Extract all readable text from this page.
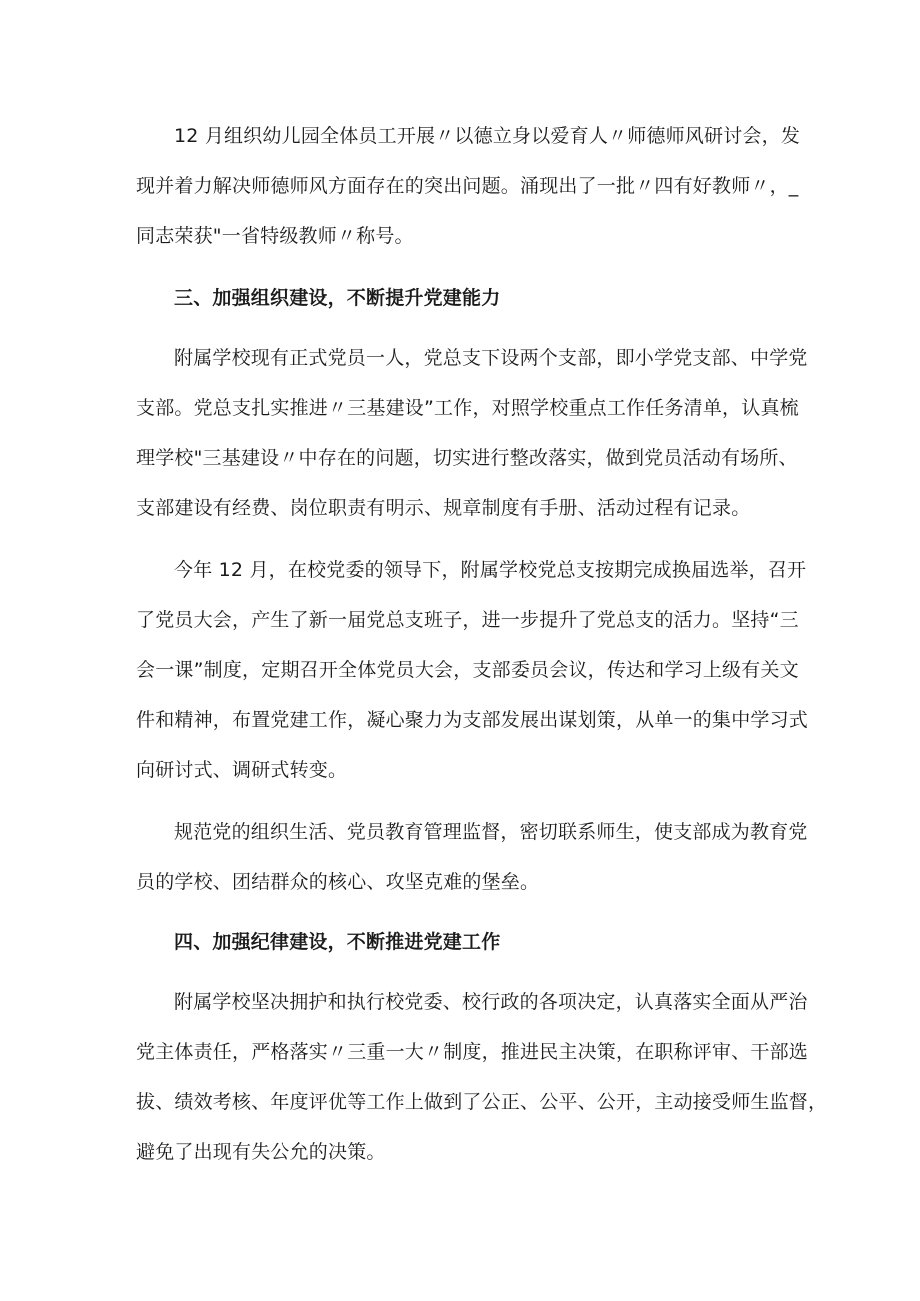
12 月组织幼儿园全体员工开展〃以德立身以爱育人〃师德师风研讨会，发
现并着力解决师德师风方面存在的突出问题。涌现出了一批〃四有好教师〃，_
同志荣获"一省特级教师〃称号。
三、加强组织建设，不断提升党建能力
附属学校现有正式党员一人，党总支下设两个支部，即小学党支部、中学党
支部。党总支扎实推进〃三基建设”工作，对照学校重点工作任务清单，认真梳
理学校"三基建设〃中存在的问题，切实进行整改落实，做到党员活动有场所、
支部建设有经费、岗位职责有明示、规章制度有手册、活动过程有记录。
今年 12 月，在校党委的领导下，附属学校党总支按期完成换届选举，召开
了党员大会，产生了新一届党总支班子，进一步提升了党总支的活力。坚持“三
会一课”制度，定期召开全体党员大会，支部委员会议，传达和学习上级有关文
件和精神，布置党建工作，凝心聚力为支部发展出谋划策，从单一的集中学习式
向研讨式、调研式转变。
规范党的组织生活、党员教育管理监督，密切联系师生，使支部成为教育党
员的学校、团结群众的核心、攻坚克难的堡垒。
四、加强纪律建设，不断推进党建工作
附属学校坚决拥护和执行校党委、校行政的各项决定，认真落实全面从严治
党主体责任，严格落实〃三重一大〃制度，推进民主决策，在职称评审、干部选
拔、绩效考核、年度评优等工作上做到了公正、公平、公开，主动接受师生监督，
避免了出现有失公允的决策。
